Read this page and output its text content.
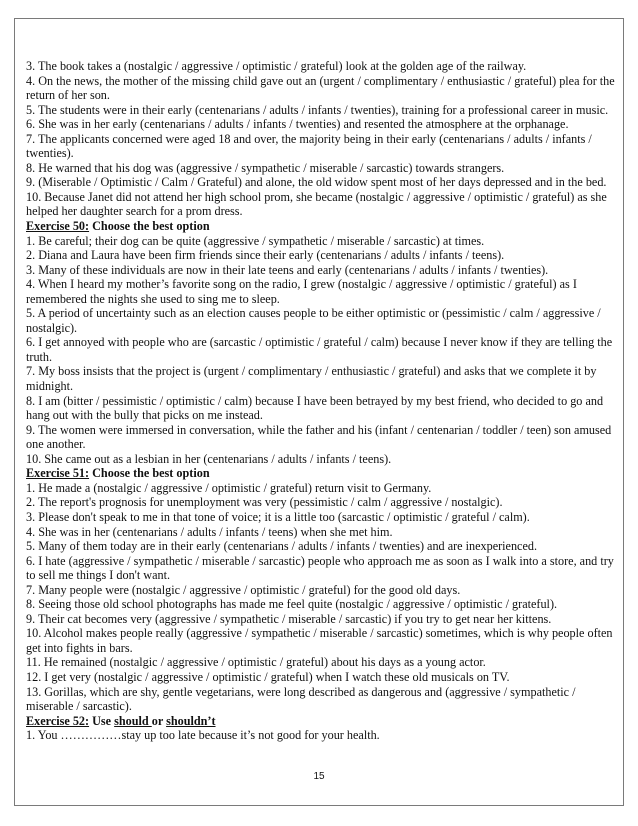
3. The book takes a (nostalgic / aggressive / optimistic / grateful) look at the golden age of the railway.
4. On the news, the mother of the missing child gave out an (urgent / complimentary / enthusiastic / grateful) plea for the return of her son.
5. The students were in their early (centenarians / adults / infants / twenties), training for a professional career in music.
6. She was in her early (centenarians / adults / infants / twenties) and resented the atmosphere at the orphanage.
7. The applicants concerned were aged 18 and over, the majority being in their early (centenarians / adults / infants / twenties).
8. He warned that his dog was (aggressive / sympathetic / miserable / sarcastic) towards strangers.
9. (Miserable / Optimistic / Calm / Grateful) and alone, the old widow spent most of her days depressed and in the bed.
10. Because Janet did not attend her high school prom, she became (nostalgic / aggressive / optimistic / grateful) as she helped her daughter search for a prom dress.
Exercise 50: Choose the best option
1. Be careful; their dog can be quite (aggressive / sympathetic / miserable / sarcastic) at times.
2. Diana and Laura have been firm friends since their early (centenarians / adults / infants / teens).
3. Many of these individuals are now in their late teens and early (centenarians / adults / infants / twenties).
4. When I heard my mother’s favorite song on the radio, I grew (nostalgic / aggressive / optimistic / grateful) as I remembered the nights she used to sing me to sleep.
5. A period of uncertainty such as an election causes people to be either optimistic or (pessimistic / calm / aggressive / nostalgic).
6. I get annoyed with people who are (sarcastic / optimistic / grateful / calm) because I never know if they are telling the truth.
7. My boss insists that the project is (urgent / complimentary / enthusiastic / grateful) and asks that we complete it by midnight.
8. I am (bitter / pessimistic / optimistic / calm) because I have been betrayed by my best friend, who decided to go and hang out with the bully that picks on me instead.
9. The women were immersed in conversation, while the father and his (infant / centenarian / toddler / teen) son amused one another.
10. She came out as a lesbian in her (centenarians / adults / infants / teens).
Exercise 51: Choose the best option
1. He made a (nostalgic / aggressive / optimistic / grateful) return visit to Germany.
2. The report's prognosis for unemployment was very (pessimistic / calm / aggressive / nostalgic).
3. Please don't speak to me in that tone of voice; it is a little too (sarcastic / optimistic / grateful / calm).
4. She was in her (centenarians / adults / infants / teens) when she met him.
5. Many of them today are in their early (centenarians / adults / infants / twenties) and are inexperienced.
6. I hate (aggressive / sympathetic / miserable / sarcastic) people who approach me as soon as I walk into a store, and try to sell me things I don't want.
7. Many people were (nostalgic / aggressive / optimistic / grateful) for the good old days.
8. Seeing those old school photographs has made me feel quite (nostalgic / aggressive / optimistic / grateful).
9. Their cat becomes very (aggressive / sympathetic / miserable / sarcastic) if you try to get near her kittens.
10. Alcohol makes people really (aggressive / sympathetic / miserable / sarcastic) sometimes, which is why people often get into fights in bars.
11. He remained (nostalgic / aggressive / optimistic / grateful) about his days as a young actor.
12. I get very (nostalgic / aggressive / optimistic / grateful) when I watch these old musicals on TV.
13. Gorillas, which are shy, gentle vegetarians, were long described as dangerous and (aggressive / sympathetic / miserable / sarcastic).
Exercise 52: Use should or shouldn’t
1. You ……………stay up too late because it’s not good for your health.
15
